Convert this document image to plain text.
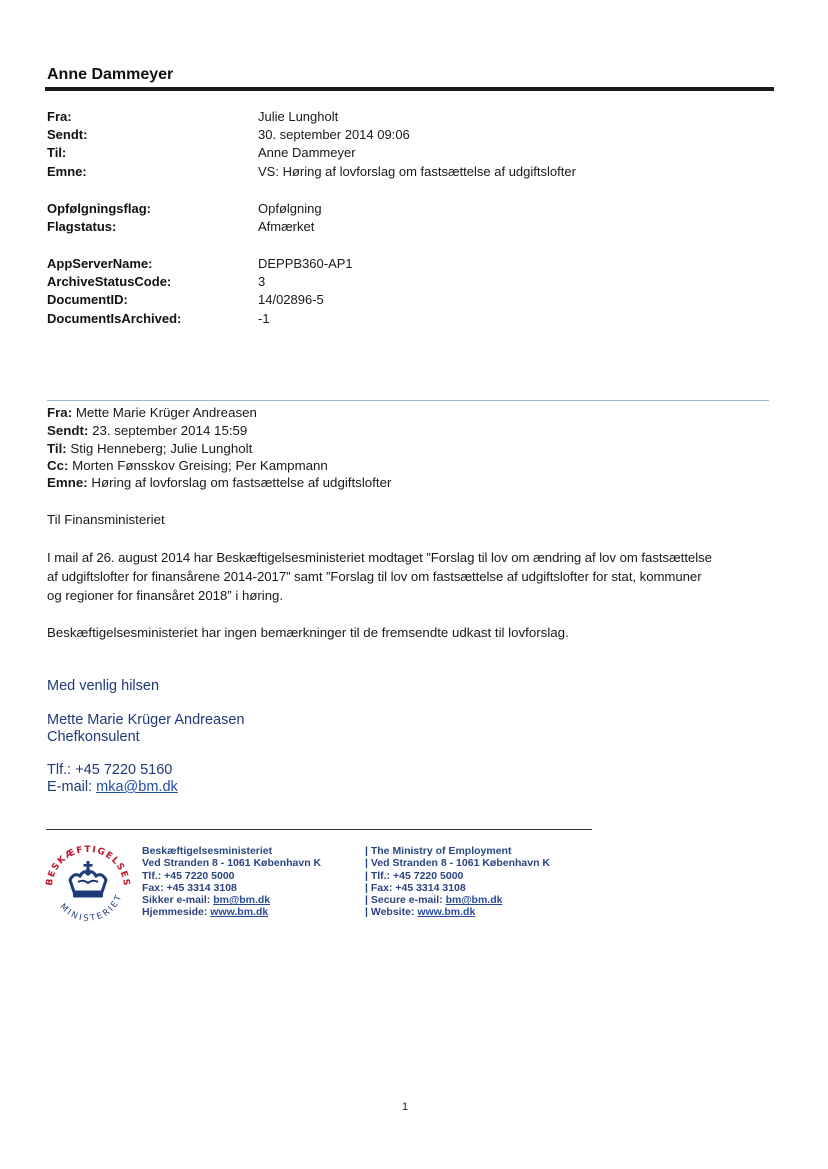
Anne Dammeyer
Fra:	Julie Lungholt
Sendt:	30. september 2014 09:06
Til:	Anne Dammeyer
Emne:	VS: Høring af lovforslag om fastsættelse af udgiftslofter
Opfølgningsflag:	Opfølgning
Flagstatus:	Afmærket
AppServerName:	DEPPB360-AP1
ArchiveStatusCode:	3
DocumentID:	14/02896-5
DocumentIsArchived:	-1
Fra: Mette Marie Krüger Andreasen
Sendt: 23. september 2014 15:59
Til: Stig Henneberg; Julie Lungholt
Cc: Morten Fønsskov Greising; Per Kampmann
Emne: Høring af lovforslag om fastsættelse af udgiftslofter
Til Finansministeriet
I mail af 26. august 2014 har Beskæftigelsesministeriet modtaget ”Forslag til lov om ændring af lov om fastsættelse
af udgiftslofter for finansårene 2014-2017” samt ”Forslag til lov om fastsættelse af udgiftslofter for stat, kommuner
og regioner for finansåret 2018” i høring.
Beskæftigelsesministeriet har ingen bemærkninger til de fremsendte udkast til lovforslag.
Med venlig hilsen
Mette Marie Krüger Andreasen
Chefkonsulent
Tlf.: +45 7220 5160
E-mail: mka@bm.dk
BESKÆFTIGELSES
MINISTERIET
Beskæftigelsesministeriet
Ved Stranden 8 - 1061 København K
Tlf.: +45 7220 5000
Fax: +45 3314 3108
Sikker e-mail: bm@bm.dk
Hjemmeside: www.bm.dk
| The Ministry of Employment
| Ved Stranden 8 - 1061 København K
| Tlf.: +45 7220 5000
| Fax: +45 3314 3108
| Secure e-mail: bm@bm.dk
| Website: www.bm.dk
1
